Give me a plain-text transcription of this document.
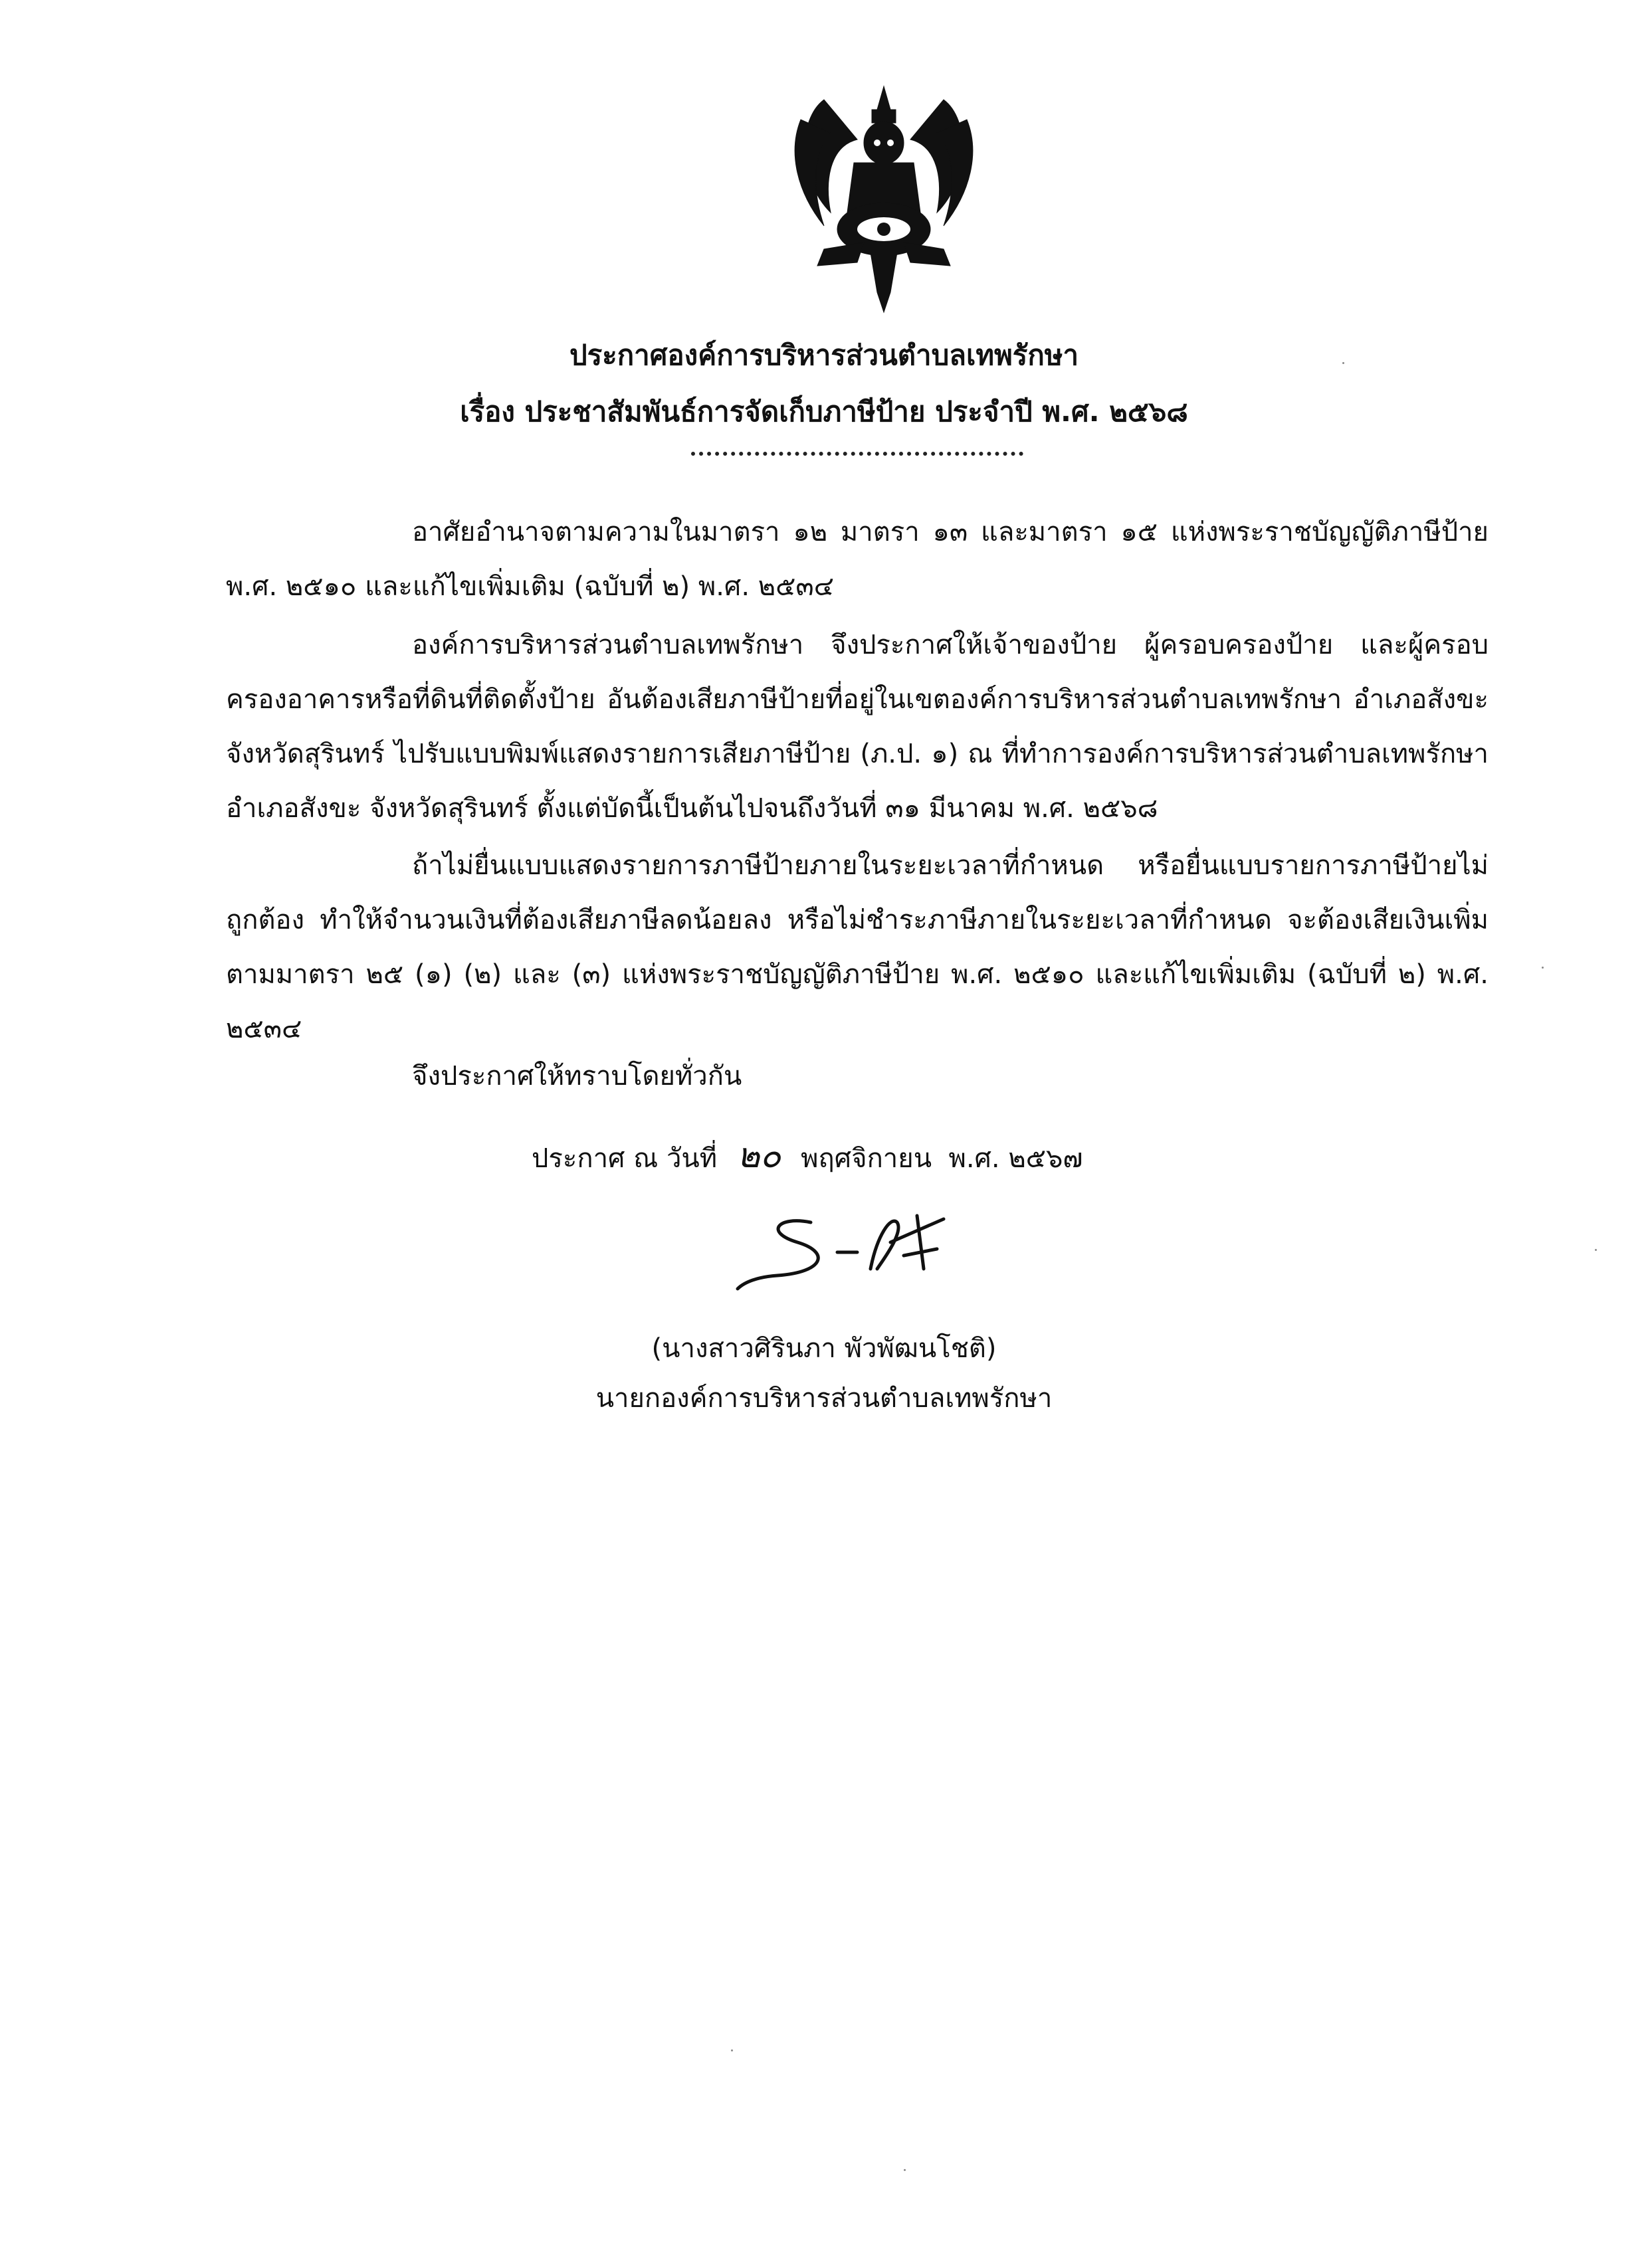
ประกาศองค์การบริหารส่วนตำบลเทพรักษา
เรื่อง ประชาสัมพันธ์การจัดเก็บภาษีป้าย ประจำปี พ.ศ. ๒๕๖๘

อาศัยอำนาจตามความในมาตรา ๑๒ มาตรา ๑๓ และมาตรา ๑๕ แห่งพระราชบัญญัติภาษีป้าย พ.ศ. ๒๕๑๐ และแก้ไขเพิ่มเติม (ฉบับที่ ๒) พ.ศ. ๒๕๓๔

องค์การบริหารส่วนตำบลเทพรักษา จึงประกาศให้เจ้าของป้าย ผู้ครอบครองป้าย และผู้ครอบครองอาคารหรือที่ดินที่ติดตั้งป้าย อันต้องเสียภาษีป้ายที่อยู่ในเขตองค์การบริหารส่วนตำบลเทพรักษา อำเภอสังขะ จังหวัดสุรินทร์ ไปรับแบบพิมพ์แสดงรายการเสียภาษีป้าย (ภ.ป. ๑) ณ ที่ทำการองค์การบริหารส่วนตำบลเทพรักษา อำเภอสังขะ จังหวัดสุรินทร์ ตั้งแต่บัดนี้เป็นต้นไปจนถึงวันที่ ๓๑ มีนาคม พ.ศ. ๒๕๖๘

ถ้าไม่ยื่นแบบแสดงรายการภาษีป้ายภายในระยะเวลาที่กำหนด หรือยื่นแบบรายการภาษีป้ายไม่ถูกต้อง ทำให้จำนวนเงินที่ต้องเสียภาษีลดน้อยลง หรือไม่ชำระภาษีภายในระยะเวลาที่กำหนด จะต้องเสียเงินเพิ่มตามมาตรา ๒๕ (๑) (๒) และ (๓) แห่งพระราชบัญญัติภาษีป้าย พ.ศ. ๒๕๑๐ และแก้ไขเพิ่มเติม (ฉบับที่ ๒) พ.ศ. ๒๕๓๔

จึงประกาศให้ทราบโดยทั่วกัน
ประกาศ ณ วันที่ ๒๐ พฤศจิกายน  พ.ศ. ๒๕๖๗
(นางสาวศิรินภา พัวพัฒนโชติ)
นายกองค์การบริหารส่วนตำบลเทพรักษา
